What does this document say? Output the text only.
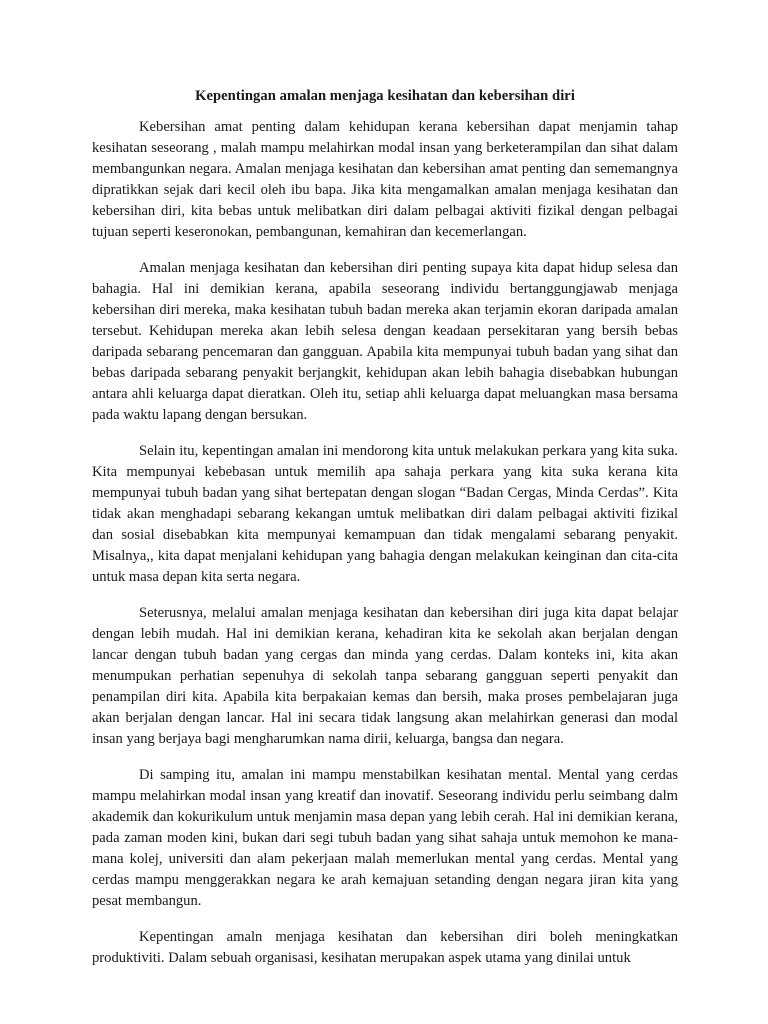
Kepentingan amalan menjaga kesihatan dan kebersihan diri

Kebersihan amat penting dalam kehidupan kerana kebersihan dapat menjamin tahap kesihatan seseorang , malah mampu melahirkan modal insan yang berketerampilan dan sihat dalam membangunkan negara. Amalan menjaga kesihatan dan kebersihan amat penting dan sememangnya dipratikkan sejak dari kecil oleh ibu bapa. Jika kita mengamalkan amalan menjaga kesihatan dan kebersihan diri, kita bebas untuk melibatkan diri dalam pelbagai aktiviti fizikal dengan pelbagai tujuan seperti keseronokan, pembangunan, kemahiran dan kecemerlangan.

Amalan menjaga kesihatan dan kebersihan diri penting supaya kita dapat hidup selesa dan bahagia. Hal ini demikian kerana, apabila seseorang individu bertanggungjawab menjaga kebersihan diri mereka, maka kesihatan tubuh badan mereka akan terjamin ekoran daripada amalan tersebut. Kehidupan mereka akan lebih selesa dengan keadaan persekitaran yang bersih bebas daripada sebarang pencemaran dan gangguan. Apabila kita mempunyai tubuh badan yang sihat dan bebas daripada sebarang penyakit berjangkit, kehidupan akan lebih bahagia disebabkan hubungan antara ahli keluarga dapat dieratkan. Oleh itu, setiap ahli keluarga dapat meluangkan masa bersama pada waktu lapang dengan bersukan.

Selain itu, kepentingan amalan ini mendorong kita untuk melakukan perkara yang kita suka. Kita mempunyai kebebasan untuk memilih apa sahaja perkara yang kita suka kerana kita mempunyai tubuh badan yang sihat bertepatan dengan slogan “Badan Cergas, Minda Cerdas”. Kita tidak akan menghadapi sebarang kekangan umtuk melibatkan diri dalam pelbagai aktiviti fizikal dan sosial disebabkan kita mempunyai kemampuan dan tidak mengalami sebarang penyakit. Misalnya,, kita dapat menjalani kehidupan yang bahagia dengan melakukan keinginan dan cita-cita untuk masa depan kita serta negara.

Seterusnya, melalui amalan menjaga kesihatan dan kebersihan diri juga kita dapat belajar dengan lebih mudah. Hal ini demikian kerana, kehadiran kita ke sekolah akan berjalan dengan lancar dengan tubuh badan yang cergas dan minda yang cerdas. Dalam konteks ini, kita akan menumpukan perhatian sepenuhya di sekolah tanpa sebarang gangguan seperti penyakit dan penampilan diri kita. Apabila kita berpakaian kemas dan bersih, maka proses pembelajaran juga akan berjalan dengan lancar. Hal ini secara tidak langsung akan melahirkan generasi dan modal insan yang berjaya bagi mengharumkan nama dirii, keluarga, bangsa dan negara.

Di samping itu, amalan ini mampu menstabilkan kesihatan mental. Mental yang cerdas mampu melahirkan modal insan yang kreatif dan inovatif. Seseorang individu perlu seimbang dalm akademik dan kokurikulum untuk menjamin masa depan yang lebih cerah. Hal ini demikian kerana, pada zaman moden kini, bukan dari segi tubuh badan yang sihat sahaja untuk memohon ke mana-mana kolej, universiti dan alam pekerjaan malah memerlukan mental yang cerdas. Mental yang cerdas mampu menggerakkan negara ke arah kemajuan setanding dengan negara jiran kita yang pesat membangun.

Kepentingan amaln menjaga kesihatan dan kebersihan diri boleh meningkatkan produktiviti. Dalam sebuah organisasi, kesihatan merupakan aspek utama yang dinilai untuk
